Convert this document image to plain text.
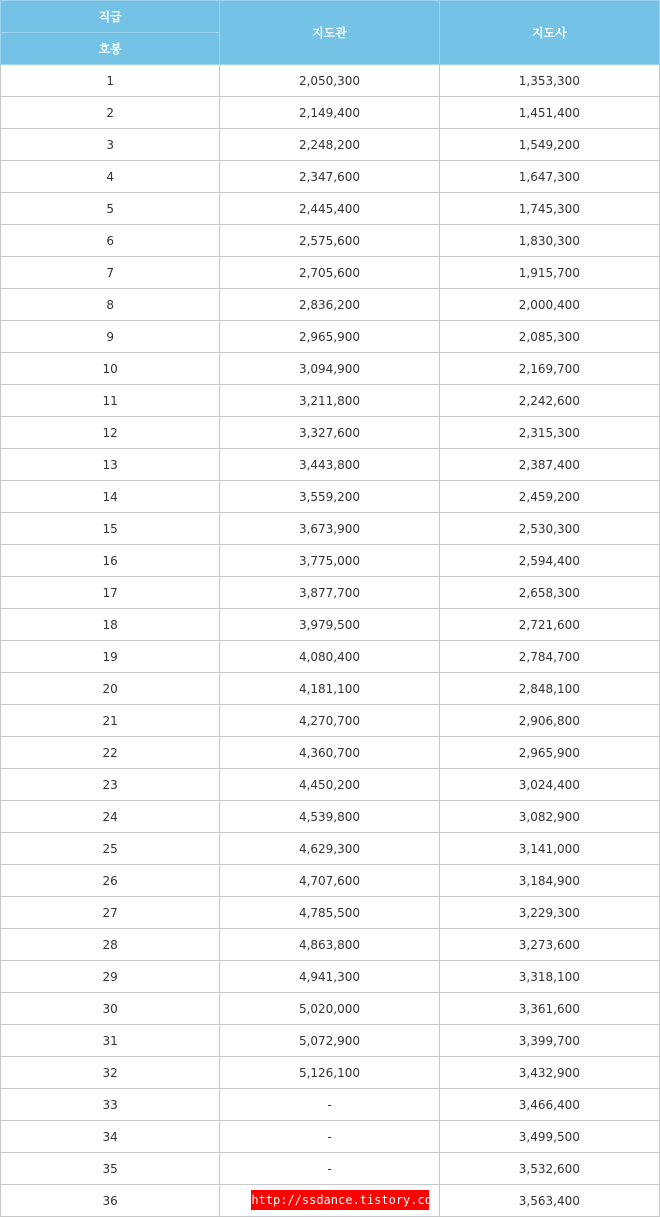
직급	지도관	지도사
호봉		
1	2,050,300	1,353,300
2	2,149,400	1,451,400
3	2,248,200	1,549,200
4	2,347,600	1,647,300
5	2,445,400	1,745,300
6	2,575,600	1,830,300
7	2,705,600	1,915,700
8	2,836,200	2,000,400
9	2,965,900	2,085,300
10	3,094,900	2,169,700
11	3,211,800	2,242,600
12	3,327,600	2,315,300
13	3,443,800	2,387,400
14	3,559,200	2,459,200
15	3,673,900	2,530,300
16	3,775,000	2,594,400
17	3,877,700	2,658,300
18	3,979,500	2,721,600
19	4,080,400	2,784,700
20	4,181,100	2,848,100
21	4,270,700	2,906,800
22	4,360,700	2,965,900
23	4,450,200	3,024,400
24	4,539,800	3,082,900
25	4,629,300	3,141,000
26	4,707,600	3,184,900
27	4,785,500	3,229,300
28	4,863,800	3,273,600
29	4,941,300	3,318,100
30	5,020,000	3,361,600
31	5,072,900	3,399,700
32	5,126,100	3,432,900
33	-	3,466,400
34	-	3,499,500
35	-	3,532,600
36	http://ssdance.tistory.com	3,563,400
